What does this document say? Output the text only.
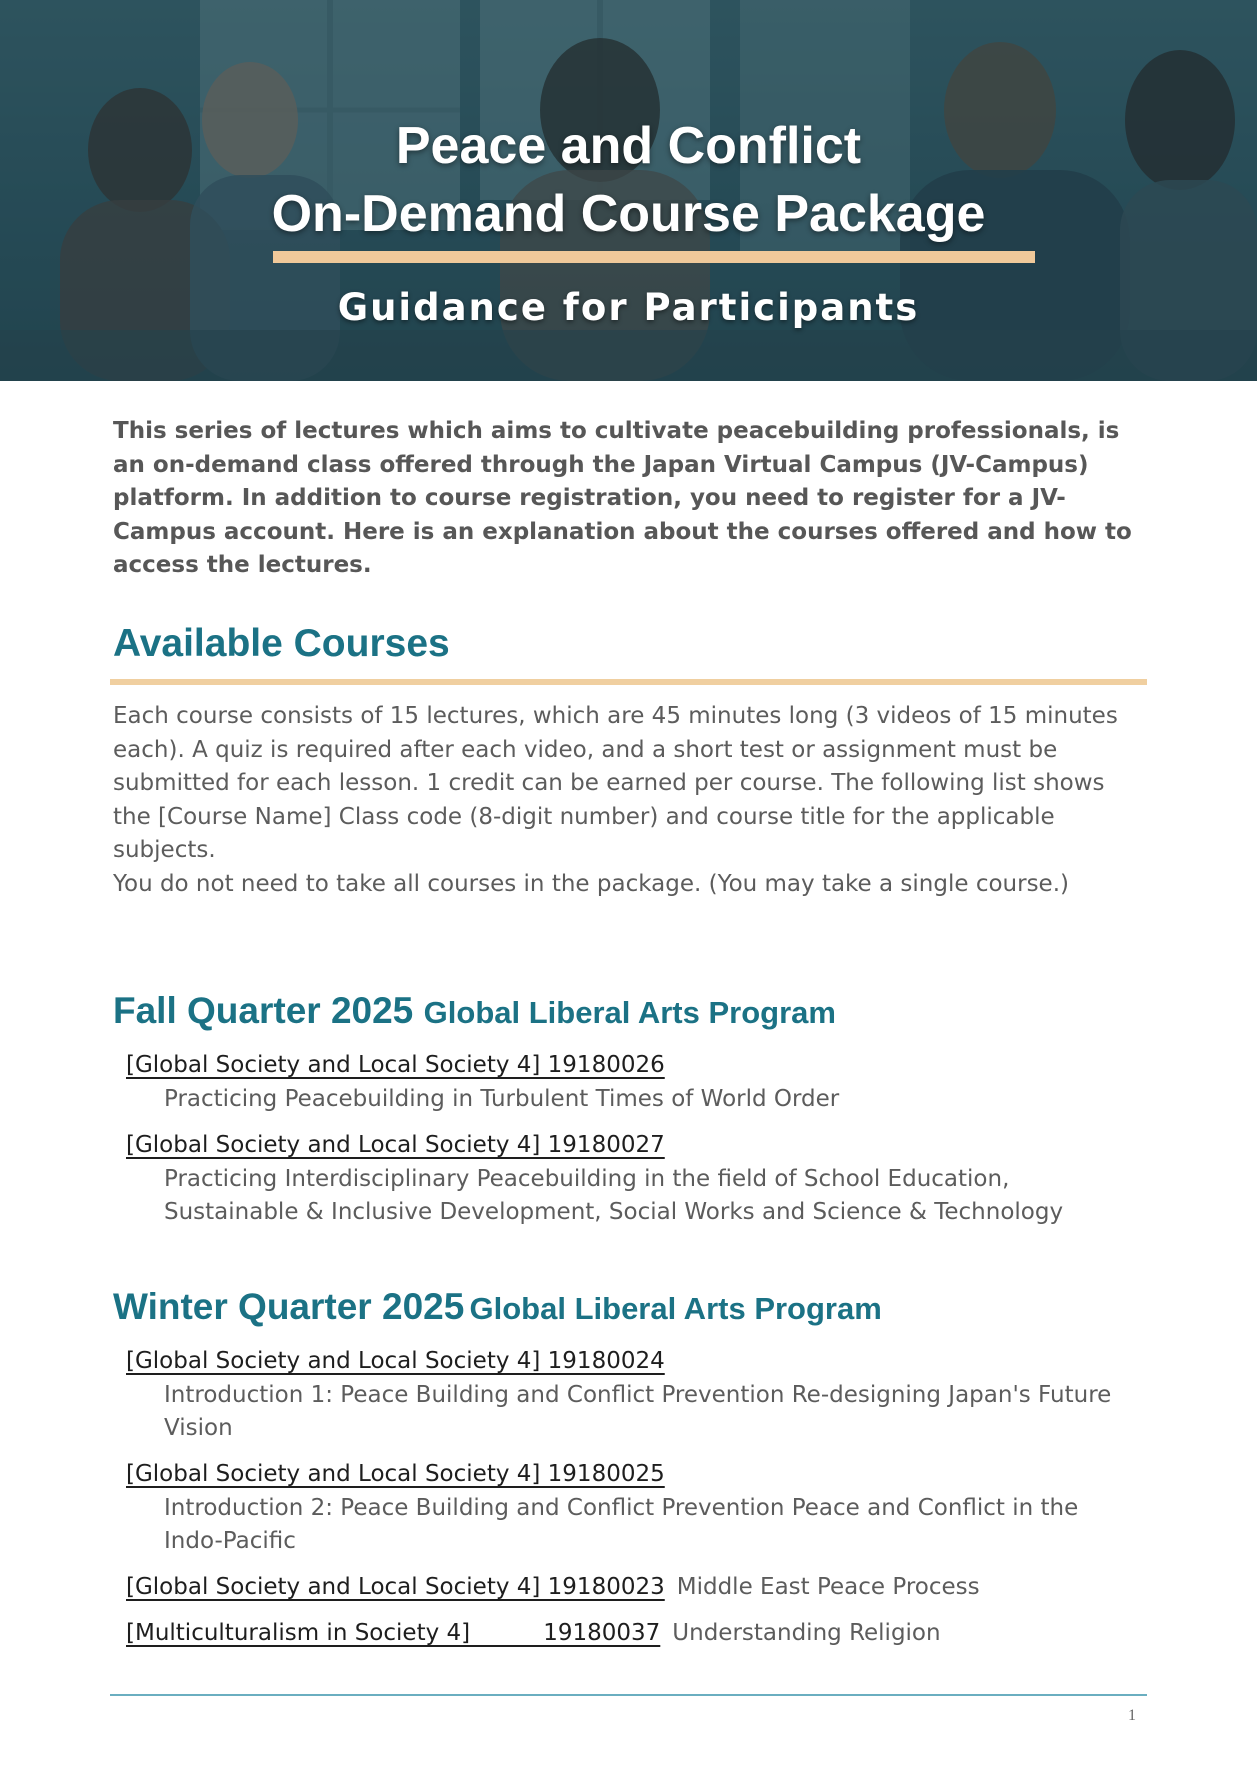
Peace and Conflict
On-Demand Course Package
Guidance for Participants

This series of lectures which aims to cultivate peacebuilding professionals, is an on-demand class offered through the Japan Virtual Campus (JV-Campus) platform. In addition to course registration, you need to register for a JV-Campus account. Here is an explanation about the courses offered and how to access the lectures.

Available Courses

Each course consists of 15 lectures, which are 45 minutes long (3 videos of 15 minutes each). A quiz is required after each video, and a short test or assignment must be submitted for each lesson. 1 credit can be earned per course. The following list shows the [Course Name] Class code (8-digit number) and course title for the applicable subjects.

You do not need to take all courses in the package. (You may take a single course.)

Fall Quarter 2025 Global Liberal Arts Program
[Global Society and Local Society 4] 19180026
Practicing Peacebuilding in Turbulent Times of World Order
[Global Society and Local Society 4] 19180027
Practicing Interdisciplinary Peacebuilding in the field of School Education, Sustainable & Inclusive Development, Social Works and Science & Technology
Winter Quarter 2025 Global Liberal Arts Program
[Global Society and Local Society 4] 19180024
Introduction 1: Peace Building and Conflict Prevention Re-designing Japan's Future Vision
[Global Society and Local Society 4] 19180025
Introduction 2: Peace Building and Conflict Prevention Peace and Conflict in the Indo-Pacific
[Global Society and Local Society 4] 19180023 Middle East Peace Process
[Multiculturalism in Society 4]          19180037 Understanding Religion
1
